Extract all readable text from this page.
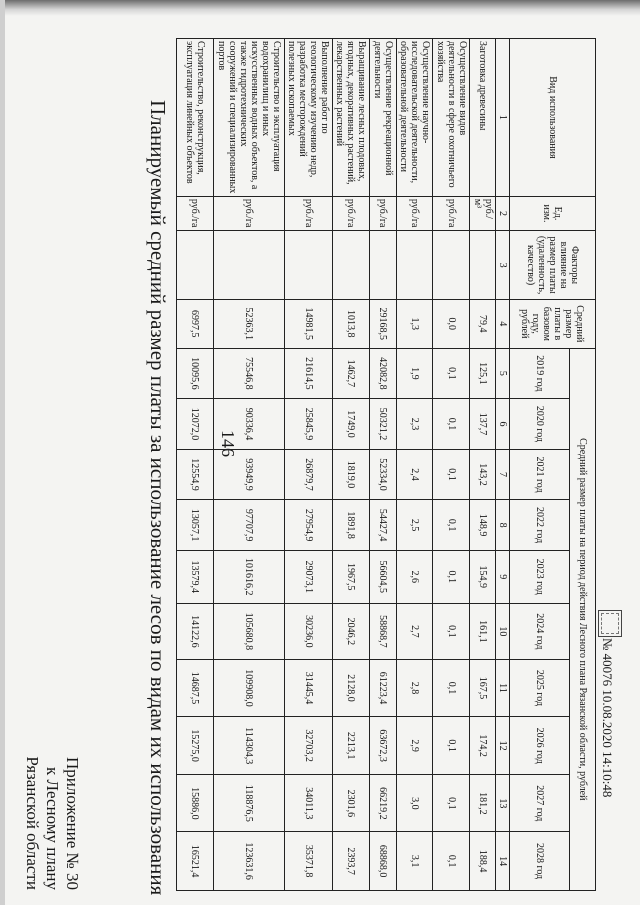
146
Приложение № 30
к Лесному плану
Рязанской области	Планируемый средний размер платы за использование лесов по видам их использования	№ 40076 10.08.2020 14:10:48
Вид использования	Ед. изм.	Факторы влияние на размер платы (удаленность, качество)	Средний размер платы в базовом году, рублей	Средний размер платы на период действия Лесного плана Рязанской области, рублей									
				2019 год	2020 год	2021 год	2022 год	2023 год	2024 год	2025 год	2026 год	2027 год	2028 год
1	2	3	4	5	6	7	8	9	10	11	12	13	14
Заготовка древесины	руб./м³		79,4	125,1	137,7	143,2	148,9	154,9	161,1	167,5	174,2	181,2	188,4
Осуществление видов деятельности в сфере охотничьего хозяйства	руб./га		0,0	0,1	0,1	0,1	0,1	0,1	0,1	0,1	0,1	0,1	0,1
Осуществление научно-исследовательской деятельности, образовательной деятельности	руб./га		1,3	1,9	2,3	2,4	2,5	2,6	2,7	2,8	2,9	3,0	3,1
Осуществление рекреационной деятельности	руб./га		29168,5	42082,8	50321,2	52334,0	54427,4	56604,5	58868,7	61223,4	63672,3	66219,2	68868,0
Выращивание лесных плодовых, ягодных, декоративных растений, лекарственных растений	руб./га		1013,8	1462,7	1749,0	1819,0	1891,8	1967,5	2046,2	2128,0	2213,1	2301,6	2393,7
Выполнение работ по геологическому изучению недр, разработка месторождений полезных ископаемых	руб./га		14981,5	21614,5	25845,9	26879,7	27954,9	29073,1	30236,0	31445,4	32703,2	34011,3	35371,8
Строительство и эксплуатация водохранилищ и иных искусственных водных объектов, а также гидротехнических сооружений и специализированных портов	руб./га		52363,1	75546,8	90336,4	93949,9	97707,9	101616,2	105680,8	109908,0	114304,3	118876,5	123631,6
Строительство, реконструкция, эксплуатация линейных объектов	руб./га		6997,5	10095,6	12072,0	12554,9	13057,1	13579,4	14122,6	14687,5	15275,0	15886,0	16521,4
